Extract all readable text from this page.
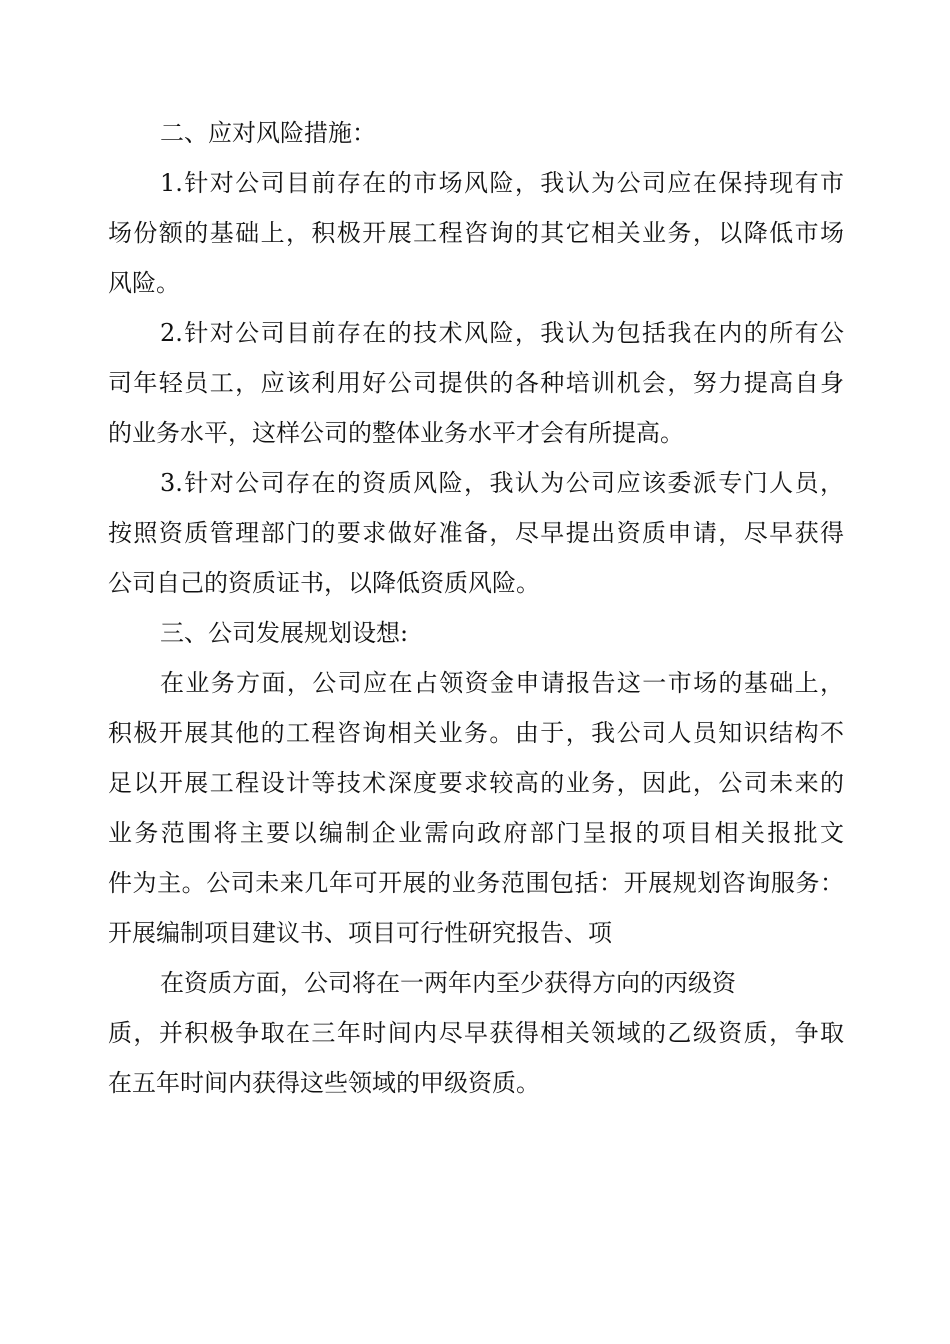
二、应对风险措施：
1.针对公司目前存在的市场风险，我认为公司应在保持现有市
场份额的基础上，积极开展工程咨询的其它相关业务，以降低市场
风险。
2.针对公司目前存在的技术风险，我认为包括我在内的所有公
司年轻员工，应该利用好公司提供的各种培训机会，努力提高自身
的业务水平，这样公司的整体业务水平才会有所提高。
3.针对公司存在的资质风险，我认为公司应该委派专门人员，
按照资质管理部门的要求做好准备，尽早提出资质申请，尽早获得
公司自己的资质证书，以降低资质风险。
三、公司发展规划设想:
在业务方面，公司应在占领资金申请报告这一市场的基础上，
积极开展其他的工程咨询相关业务。由于，我公司人员知识结构不
足以开展工程设计等技术深度要求较高的业务，因此，公司未来的
业务范围将主要以编制企业需向政府部门呈报的项目相关报批文
件为主。公司未来几年可开展的业务范围包括：开展规划咨询服务：
开展编制项目建议书、项目可行性研究报告、项
在资质方面，公司将在一两年内至少获得方向的丙级资
质，并积极争取在三年时间内尽早获得相关领域的乙级资质，争取
在五年时间内获得这些领域的甲级资质。
